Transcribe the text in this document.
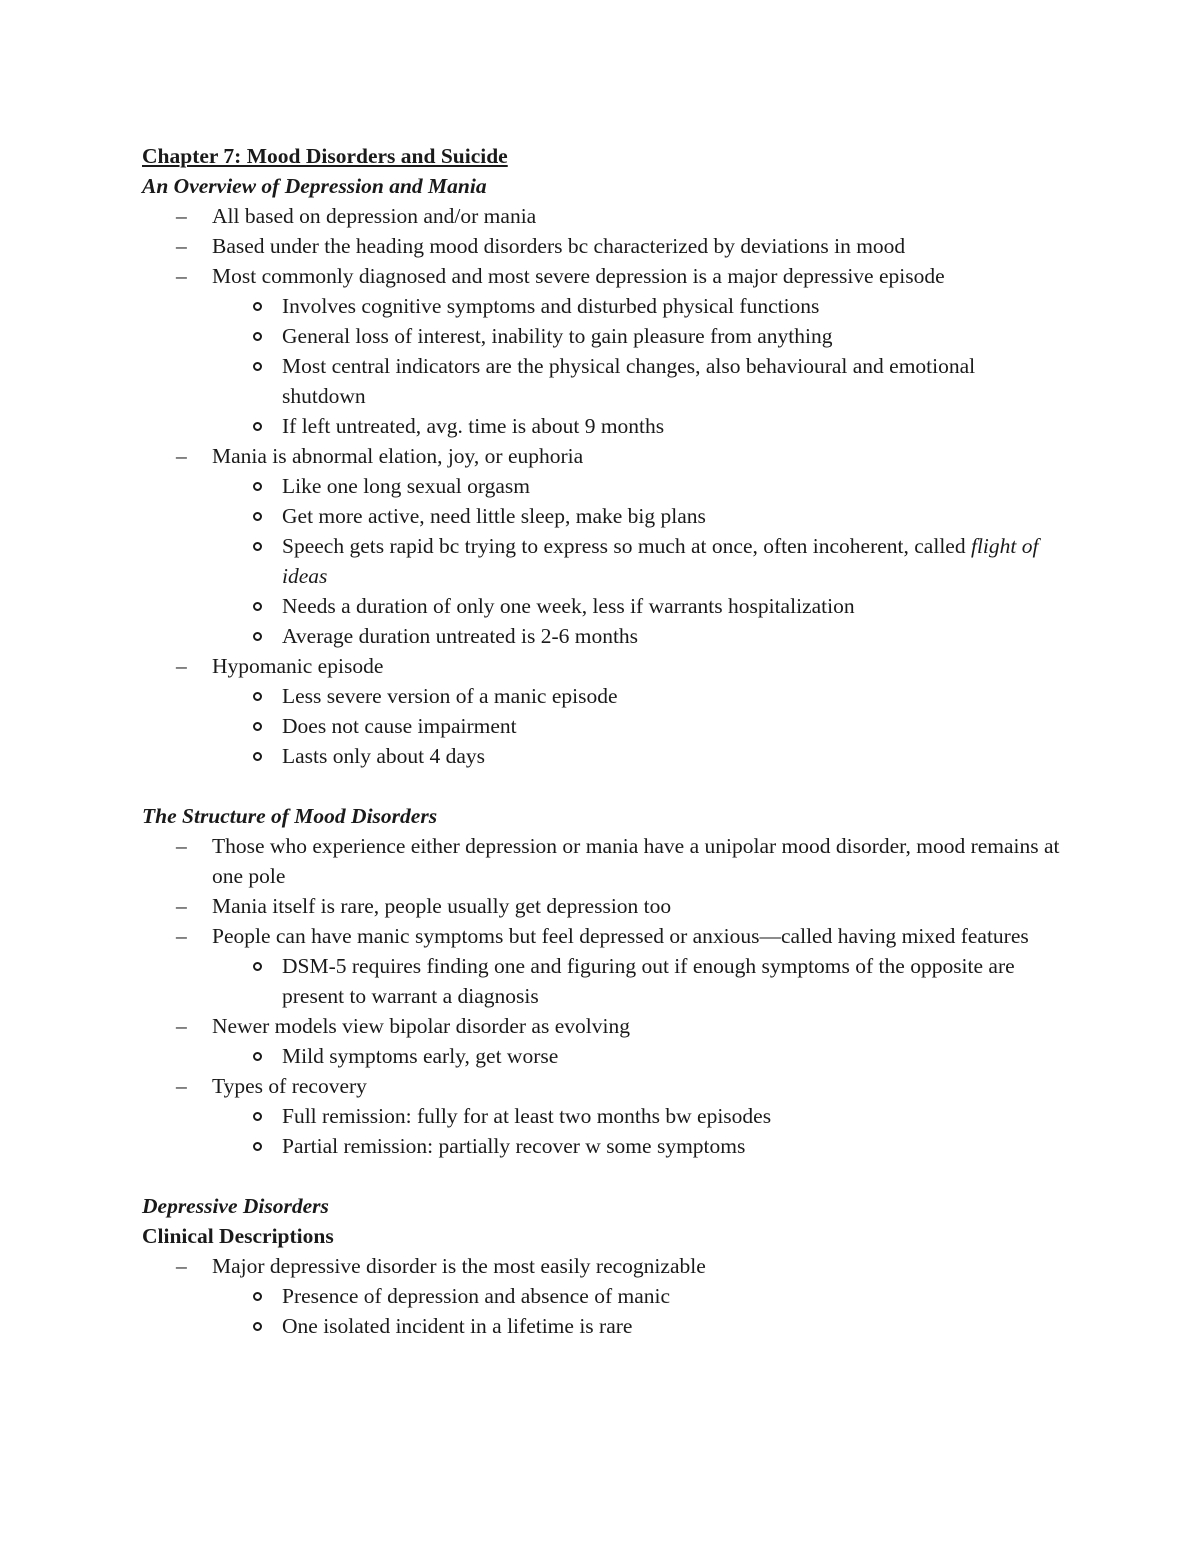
Chapter 7: Mood Disorders and Suicide

An Overview of Depression and Mania

– All based on depression and/or mania

– Based under the heading mood disorders bc characterized by deviations in mood

– Most commonly diagnosed and most severe depression is a major depressive episode

Involves cognitive symptoms and disturbed physical functions

General loss of interest, inability to gain pleasure from anything

Most central indicators are the physical changes, also behavioural and emotional shutdown

If left untreated, avg. time is about 9 months

– Mania is abnormal elation, joy, or euphoria

Like one long sexual orgasm

Get more active, need little sleep, make big plans

Speech gets rapid bc trying to express so much at once, often incoherent, called flight of ideas

Needs a duration of only one week, less if warrants hospitalization

Average duration untreated is 2-6 months

– Hypomanic episode

Less severe version of a manic episode

Does not cause impairment

Lasts only about 4 days

The Structure of Mood Disorders

– Those who experience either depression or mania have a unipolar mood disorder, mood remains at one pole

– Mania itself is rare, people usually get depression too

– People can have manic symptoms but feel depressed or anxious—called having mixed features

DSM-5 requires finding one and figuring out if enough symptoms of the opposite are present to warrant a diagnosis

– Newer models view bipolar disorder as evolving

Mild symptoms early, get worse

– Types of recovery

Full remission: fully for at least two months bw episodes

Partial remission: partially recover w some symptoms

Depressive Disorders

Clinical Descriptions

– Major depressive disorder is the most easily recognizable

Presence of depression and absence of manic

One isolated incident in a lifetime is rare
